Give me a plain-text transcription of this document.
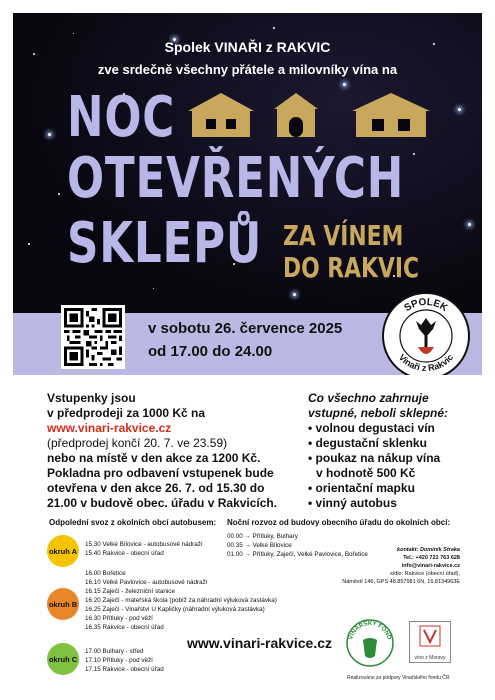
Spolek VINAŘI z RAKVIC
zve srdečně všechny přátele a milovníky vína na
NOC
OTEVŘENÝCH
SKLEPŮ ZA VÍNEM
DO RAKVIC
v sobotu 26. července 2025
od 17.00 do 24.00
SPOLEK
Vinaři z Rakvic
Vstupenky jsou
v předprodeji za 1000 Kč na
www.vinari-rakvice.cz
(předprodej končí 20. 7. ve 23.59)
nebo na místě v den akce za 1200 Kč.
Pokladna pro odbavení vstupenek bude
otevřena v den akce 26. 7. od 15.30 do
21.00 v budově obec. úřadu v Rakvicích.
Co všechno zahrnuje
vstupné, neboli sklepné:
• volnou degustaci vín
• degustační sklenku
• poukaz na nákup vína
v hodnotě 500 Kč
• orientační mapku
• vinný autobus
Odpolední svoz z okolních obcí autobusem: Noční rozvoz od budovy obecního úřadu do okolních obcí:
okruh A
15.30 Velké Bílovice - autobusové nádraží
15.40 Rakvice - obecní úřad
okruh B
16.00 Bořetice
16.10 Velké Pavlovice - autobusové nádraží
16.15 Zaječí - železniční stanice
16.20 Zaječí - mateřská škola (pobíž za náhradní výluková zastávka)
16.25 Zaječí - Vinařství U Kapličky (náhradní výluková zastávka)
16.30 Přítluky - pod věží
16.35 Rakvice - obecní úřad
okruh C
17.00 Bulhary - střed
17.10 Přítluky - pod věží
17.15 Rakvice - obecní úřad
00.00 → Přítluky, Bulhary
00.35 → Velké Bílovice
01.00 → Přítluky, Zaječí, Velké Pavlovice, Bořetice
kontakt: Dominik Straka
Tel.: +420 721 763 628
info@vinari-rakvice.cz
sídlo: Rakvice (obecní úřad),
Náměstí 146, GPS 48.857981 6N, 16.8134963E
www.vinari-rakvice.cz	VINAŘSKÝ FOND
víno z Moravy
Realizováno za podpory Vinařského fondu ČR
